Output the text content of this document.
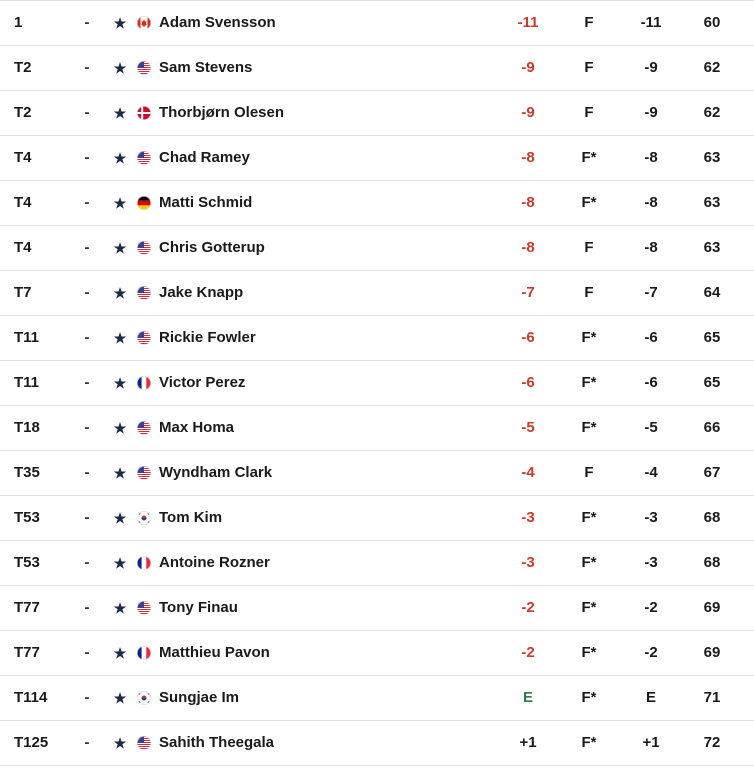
1	- ★ Adam Svensson	-11	F	-11	60
T2	- ★ Sam Stevens	-9	F	-9	62
T2	- ★ Thorbjørn Olesen	-9	F	-9	62
T4	- ★ Chad Ramey	-8	F*	-8	63
T4	- ★ Matti Schmid	-8	F*	-8	63
T4	- ★ Chris Gotterup	-8	F	-8	63
T7	- ★ Jake Knapp	-7	F	-7	64
T11	- ★ Rickie Fowler	-6	F*	-6	65
T11	- ★ Victor Perez	-6	F*	-6	65
T18	- ★ Max Homa	-5	F*	-5	66
T35	- ★ Wyndham Clark	-4	F	-4	67
T53	- ★ Tom Kim	-3	F*	-3	68
T53	- ★ Antoine Rozner	-3	F*	-3	68
T77	- ★ Tony Finau	-2	F*	-2	69
T77	- ★ Matthieu Pavon	-2	F*	-2	69
T114 - ★ Sungjae Im	E	F*	E	71
T125 - ★ Sahith Theegala	+1	F*	+1	72
